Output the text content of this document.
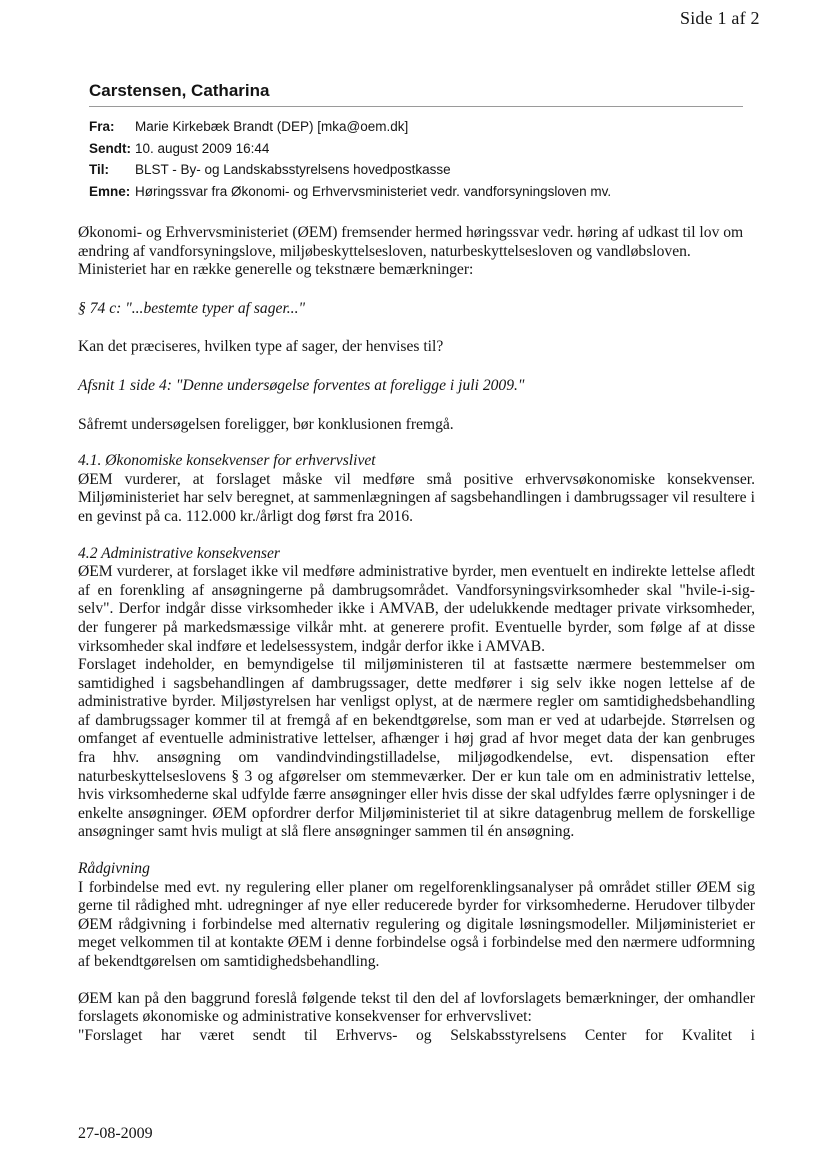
Side 1 af 2
Carstensen, Catharina
Fra:	Marie Kirkebæk Brandt (DEP) [mka@oem.dk]
Sendt: 10. august 2009 16:44
Til:	BLST - By- og Landskabsstyrelsens hovedpostkasse
Emne: Høringssvar fra Økonomi- og Erhvervsministeriet vedr. vandforsyningsloven mv.

Økonomi- og Erhvervsministeriet (ØEM) fremsender hermed høringssvar vedr. høring af udkast til lov om ændring af vandforsyningslove, miljøbeskyttelsesloven, naturbeskyttelsesloven og vandløbsloven. Ministeriet har en række generelle og tekstnære bemærkninger:

§ 74 c: "...bestemte typer af sager..."

Kan det præciseres, hvilken type af sager, der henvises til?

Afsnit 1 side 4: "Denne undersøgelse forventes at foreligge i juli 2009."

Såfremt undersøgelsen foreligger, bør konklusionen fremgå.

4.1. Økonomiske konsekvenser for erhvervslivet

ØEM vurderer, at forslaget måske vil medføre små positive erhvervsøkonomiske konsekvenser. Miljøministeriet har selv beregnet, at sammenlægningen af sagsbehandlingen i dambrugssager vil resultere i en gevinst på ca. 112.000 kr./årligt dog først fra 2016.

4.2 Administrative konsekvenser

ØEM vurderer, at forslaget ikke vil medføre administrative byrder, men eventuelt en indirekte lettelse afledt af en forenkling af ansøgningerne på dambrugsområdet. Vandforsyningsvirksomheder skal "hvile-i-sig-selv". Derfor indgår disse virksomheder ikke i AMVAB, der udelukkende medtager private virksomheder, der fungerer på markedsmæssige vilkår mht. at generere profit. Eventuelle byrder, som følge af at disse virksomheder skal indføre et ledelsessystem, indgår derfor ikke i AMVAB.

Forslaget indeholder, en bemyndigelse til miljøministeren til at fastsætte nærmere bestemmelser om samtidighed i sagsbehandlingen af dambrugssager, dette medfører i sig selv ikke nogen lettelse af de administrative byrder. Miljøstyrelsen har venligst oplyst, at de nærmere regler om samtidighedsbehandling af dambrugssager kommer til at fremgå af en bekendtgørelse, som man er ved at udarbejde. Størrelsen og omfanget af eventuelle administrative lettelser, afhænger i høj grad af hvor meget data der kan genbruges fra hhv. ansøgning om vandindvindingstilladelse, miljøgodkendelse, evt. dispensation efter naturbeskyttelseslovens § 3 og afgørelser om stemmeværker. Der er kun tale om en administrativ lettelse, hvis virksomhederne skal udfylde færre ansøgninger eller hvis disse der skal udfyldes færre oplysninger i de enkelte ansøgninger. ØEM opfordrer derfor Miljøministeriet til at sikre datagenbrug mellem de forskellige ansøgninger samt hvis muligt at slå flere ansøgninger sammen til én ansøgning.

Rådgivning

I forbindelse med evt. ny regulering eller planer om regelforenklingsanalyser på området stiller ØEM sig gerne til rådighed mht. udregninger af nye eller reducerede byrder for virksomhederne. Herudover tilbyder ØEM rådgivning i forbindelse med alternativ regulering og digitale løsningsmodeller. Miljøministeriet er meget velkommen til at kontakte ØEM i denne forbindelse også i forbindelse med den nærmere udformning af bekendtgørelsen om samtidighedsbehandling.

ØEM kan på den baggrund foreslå følgende tekst til den del af lovforslagets bemærkninger, der omhandler forslagets økonomiske og administrative konsekvenser for erhvervslivet:

"Forslaget har været sendt til Erhvervs- og Selskabsstyrelsens Center for Kvalitet i

27-08-2009
